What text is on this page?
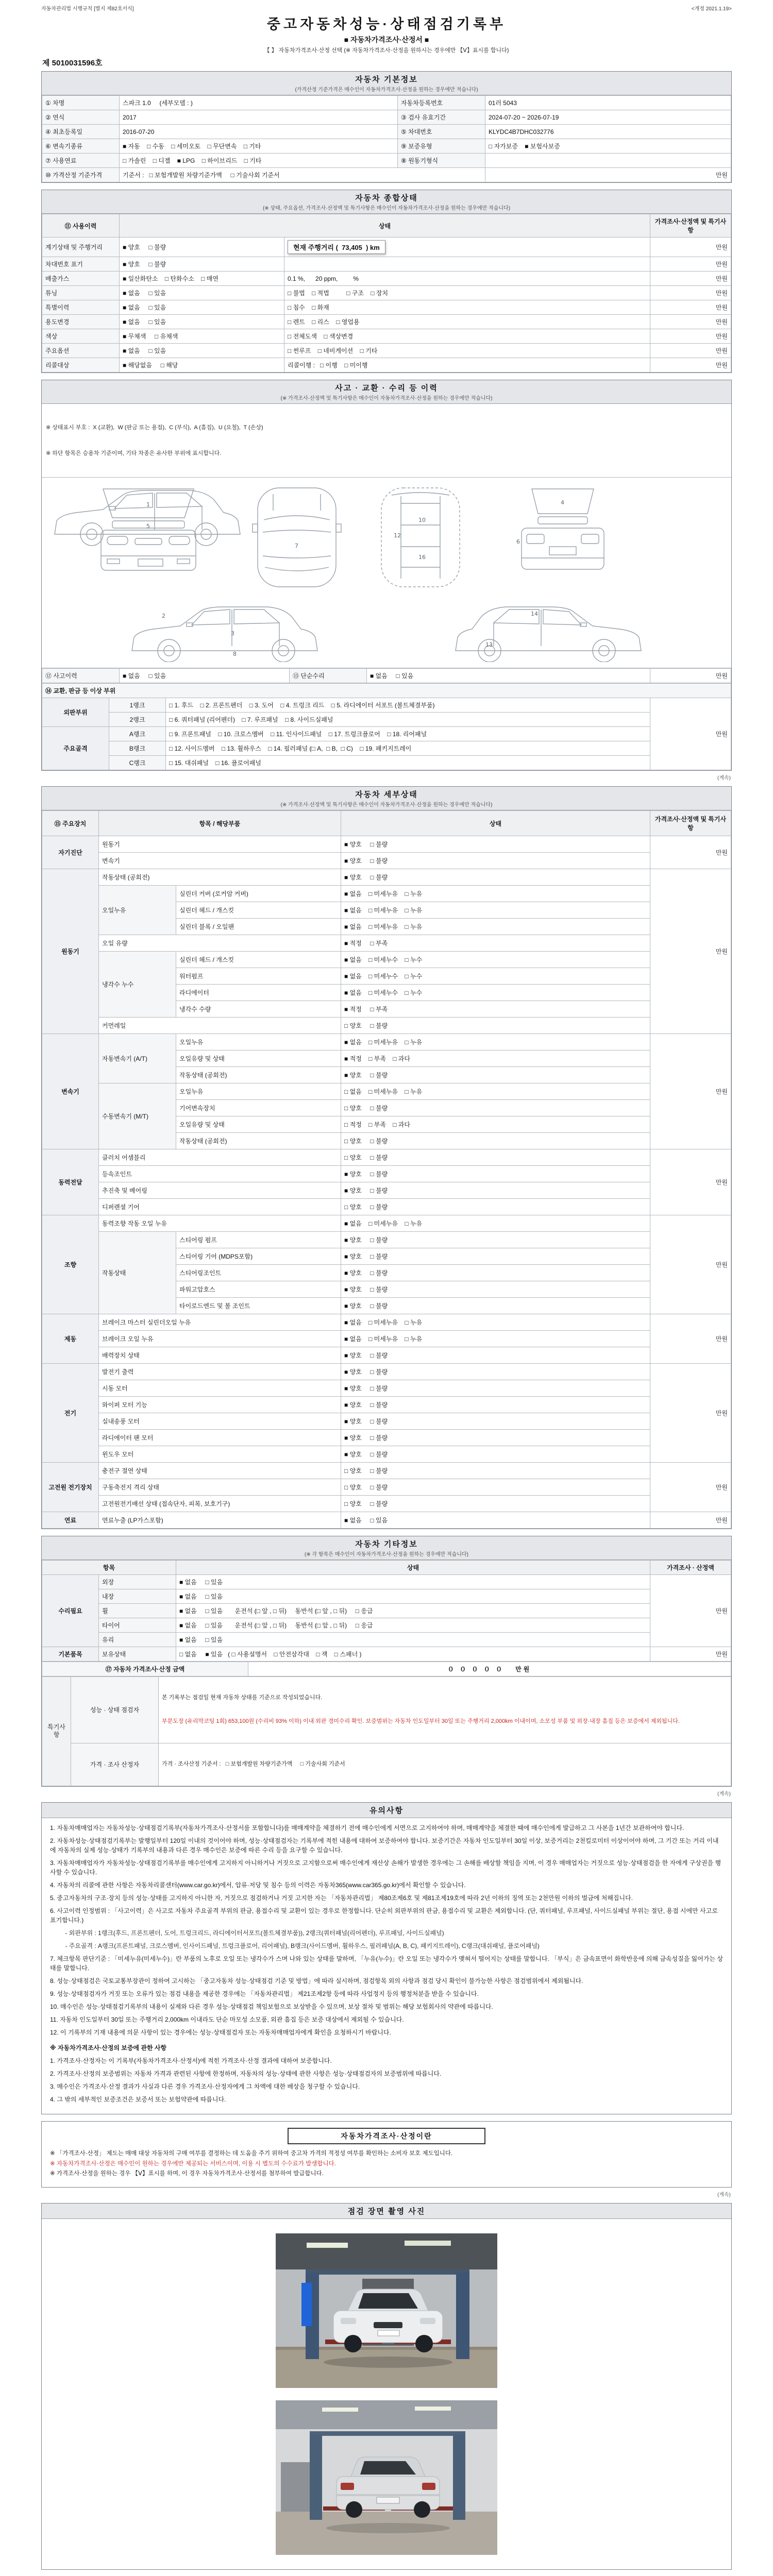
자동차관리법 시행규칙 [별지 제82호서식]	<개정 2021.1.19>
중고자동차성능·상태점검기록부
■ 자동차가격조사·산정서 ■
【 】 자동차가격조사·산정 선택 (※ 자동차가격조사·산정을 원하시는 경우에만 【Ⅴ】표시를 합니다)
제 5010031596호
자동차 기본정보
(가격산정 기준가격은 매수인이 자동차가격조사·산정을 원하는 경우에만 적습니다)
① 차명	스파크 1.0     (세부모델 : )	자동차등록번호	01러 5043
② 연식	2017	③ 검사 유효기간	2024-07-20 ~ 2026-07-19
④ 최초등록일	2016-07-20	⑤ 차대번호	KLYDC4B7DHC032776
⑥ 변속기종류	■ 자동    □ 수동    □ 세미오토    □ 무단변속    □ 기타	⑨ 보증유형	□ 자가보증    ■ 보험사보증
⑦ 사용연료	□ 가솔린    □ 디젤    ■ LPG    □ 하이브리드    □ 기타	⑧ 원동기형식	
⑩ 가격산정 기준가격	기준서 :   □ 보험개발원 차량기준가액     □ 기술사회 기준서		만원
자동차 종합상태
(※ 상태, 주요옵션, 가격조사·산정액 및 특기사항은 매수인이 자동차가격조사·산정을 원하는 경우에만 적습니다)
⑪ 사용이력	상태		가격조사·산정액 및 특기사항
계기상태 및 주행거리	■ 양호     □ 불량	현재 주행거리 (  73,405  ) km	만원
차대번호 표기	■ 양호     □ 불량		만원
배출가스	■ 일산화탄소    □ 탄화수소    □ 매연	0.1 %,      20 ppm,         %	만원
튜닝	■ 없음     □ 있음	□ 불법    □ 적법          □ 구조    □ 장치	만원
특별이력	■ 없음     □ 있음	□ 침수    □ 화재	만원
용도변경	■ 없음     □ 있음	□ 렌트    □ 리스    □ 영업용	만원
색상	■ 무채색     □ 유채색	□ 전체도색    □ 색상변경	만원
주요옵션	■ 없음     □ 있음	□ 썬루프    □ 네비게이션    □ 기타	만원
리콜대상	■ 해당없음     □ 해당	리콜이행 :   □ 이행    □ 미이행	만원
사고 · 교환 · 수리 등 이력
(※ 가격조사·산정액 및 특기사항은 매수인이 자동차가격조사·산정을 원하는 경우에만 적습니다)

※ 상태표시 부호 :  X (교환),  W (판금 또는 용접),  C (부식),  A (흠집),  U (요철),  T (손상)

※ 하단 항목은 승용차 기준이며, 기타 차종은 유사한 부위에 표시합니다.

1
5
7
10
12
16
4
6
2
3
8
13
14
⑫ 사고이력	■ 없음     □ 있음	⑬ 단순수리	■ 없음     □ 있음	만원
⑭ 교환, 판금 등 이상 부위			
외판부위	1랭크	□ 1. 후드    □ 2. 프론트펜더    □ 3. 도어    □ 4. 트렁크 리드    □ 5. 라디에이터 서포트 (볼트체결부품)	만원
	2랭크	□ 6. 쿼터패널 (리어펜더)    □ 7. 루프패널    □ 8. 사이드실패널	
주요골격	A랭크	□ 9. 프론트패널    □ 10. 크로스멤버    □ 11. 인사이드패널    □ 17. 트렁크플로어    □ 18. 리어패널	
	B랭크	□ 12. 사이드멤버    □ 13. 휠하우스    □ 14. 필러패널 (□ A,  □ B,  □ C)    □ 19. 패키지트레이	
	C랭크	□ 15. 대쉬패널    □ 16. 플로어패널	
(계속)
자동차 세부상태
(※ 가격조사·산정액 및 특기사항은 매수인이 자동차가격조사·산정을 원하는 경우에만 적습니다)
⑮ 주요장치	항목 / 해당부품		상태	가격조사·산정액 및 특기사항
자기진단	원동기		■ 양호     □ 불량	만원
	변속기		■ 양호     □ 불량	
원동기	작동상태 (공회전)		■ 양호     □ 불량	만원
	오일누유	실린더 커버 (로커암 커버)	■ 없음    □ 미세누유    □ 누유	
		실린더 헤드 / 개스킷	■ 없음    □ 미세누유    □ 누유	
		실린더 블록 / 오일팬	■ 없음    □ 미세누유    □ 누유	
	오일 유량		■ 적정     □ 부족	
	냉각수 누수	실린더 헤드 / 개스킷	■ 없음    □ 미세누수    □ 누수	
		워터펌프	■ 없음    □ 미세누수    □ 누수	
		라디에이터	■ 없음    □ 미세누수    □ 누수	
		냉각수 수량	■ 적정     □ 부족	
	커먼레일		□ 양호     □ 불량	
변속기	자동변속기 (A/T)	오일누유	■ 없음    □ 미세누유    □ 누유	만원
		오일유량 및 상태	■ 적정    □ 부족    □ 과다	
		작동상태 (공회전)	■ 양호     □ 불량	
	수동변속기 (M/T)	오일누유	□ 없음    □ 미세누유    □ 누유	
		기어변속장치	□ 양호     □ 불량	
		오일유량 및 상태	□ 적정    □ 부족    □ 과다	
		작동상태 (공회전)	□ 양호     □ 불량	
동력전달	클러치 어셈블리		□ 양호     □ 불량	만원
	등속조인트		■ 양호     □ 불량	
	추진축 및 베어링		■ 양호     □ 불량	
	디퍼렌셜 기어		□ 양호     □ 불량	
조향	동력조향 작동 오일 누유		■ 없음    □ 미세누유    □ 누유	만원
	작동상태	스티어링 펌프	■ 양호     □ 불량	
		스티어링 기어 (MDPS포함)	■ 양호     □ 불량	
		스티어링조인트	■ 양호     □ 불량	
		파워고압호스	■ 양호     □ 불량	
		타이로드엔드 및 볼 조인트	■ 양호     □ 불량	
제동	브레이크 마스터 실린더오일 누유		■ 없음    □ 미세누유    □ 누유	만원
	브레이크 오일 누유		■ 없음    □ 미세누유    □ 누유	
	배력장치 상태		■ 양호     □ 불량	
전기	발전기 출력		■ 양호     □ 불량	만원
	시동 모터		■ 양호     □ 불량	
	와이퍼 모터 기능		■ 양호     □ 불량	
	실내송풍 모터		■ 양호     □ 불량	
	라디에이터 팬 모터		■ 양호     □ 불량	
	윈도우 모터		■ 양호     □ 불량	
고전원 전기장치	충전구 절연 상태		□ 양호     □ 불량	만원
	구동축전지 격리 상태		□ 양호     □ 불량	
	고전원전기배선 상태 (접속단자, 피복, 보호기구)		□ 양호     □ 불량	
연료	연료누출 (LP가스포함)		■ 없음     □ 있음	만원
자동차 기타정보
(※ 각 항목은 매수인이 자동차가격조사·산정을 원하는 경우에만 적습니다)
항목		상태	가격조사 · 산정액
수리필요	외장	■ 없음     □ 있음	만원
	내장	■ 없음     □ 있음	
	휠	■ 없음     □ 있음       운전석 (□ 앞 , □ 뒤)     동반석 (□ 앞 , □ 뒤)     □ 응급	
	타이어	■ 없음     □ 있음       운전석 (□ 앞 , □ 뒤)     동반석 (□ 앞 , □ 뒤)     □ 응급	
	유리	■ 없음     □ 있음	
기본품목	보유상태	□ 없음     ■ 있음   ( □ 사용설명서    □ 안전삼각대    □ 잭    □ 스패너 )	만원
⑰ 자동차 가격조사·산정 금액	０ ０ ０ ０ ０   만원
특기사항	성능 · 상태 점검자	본 기록부는 점검일 현재 자동차 상태를 기준으로 작성되었습니다.

부분도장 (유리막코팅 1회) 653,100원 (수리비 93% 이하) 이내 외판 경미수리 확인. 보증범위는 자동차 인도일부터 30일 또는 주행거리 2,000km 이내이며, 소모성 부품 및 외장·내장 흠집 등은 보증에서 제외됩니다.

	가격 · 조사 산정자	가격 · 조사산정 기준서 :   □ 보험개발원 차량기준가액     □ 기술사회 기준서

(계속)
유의사항

1. 자동차매매업자는 자동차성능·상태점검기록부(자동차가격조사·산정서를 포함합니다)를 매매계약을 체결하기 전에 매수인에게 서면으로 고지하여야 하며, 매매계약을 체결한 때에 매수인에게 발급하고 그 사본을 1년간 보관하여야 합니다.

2. 자동차성능·상태점검기록부는 발행일부터 120일 이내의 것이어야 하며, 성능·상태점검자는 기록부에 적힌 내용에 대하여 보증하여야 합니다. 보증기간은 자동차 인도일부터 30일 이상, 보증거리는 2천킬로미터 이상이어야 하며, 그 기간 또는 거리 이내에 자동차의 실제 성능·상태가 기록부의 내용과 다른 경우 매수인은 보증에 따른 수리 등을 요구할 수 있습니다.

3. 자동차매매업자가 자동차성능·상태점검기록부를 매수인에게 고지하지 아니하거나 거짓으로 고지함으로써 매수인에게 재산상 손해가 발생한 경우에는 그 손해를 배상할 책임을 지며, 이 경우 매매업자는 거짓으로 성능·상태점검을 한 자에게 구상권을 행사할 수 있습니다.

4. 자동차의 리콜에 관한 사항은 자동차리콜센터(www.car.go.kr)에서, 압류·저당 및 침수 등의 이력은 자동차365(www.car365.go.kr)에서 확인할 수 있습니다.

5. 중고자동차의 구조·장치 등의 성능·상태를 고지하지 아니한 자, 거짓으로 점검하거나 거짓 고지한 자는 「자동차관리법」 제80조제6호 및 제81조제19호에 따라 2년 이하의 징역 또는 2천만원 이하의 벌금에 처해집니다.

6. 사고이력 인정범위 : 「사고이력」은 사고로 자동차 주요골격 부위의 판금, 용접수리 및 교환이 있는 경우로 한정합니다. 단순히 외판부위의 판금, 용접수리 및 교환은 제외합니다. (단, 쿼터패널, 루프패널, 사이드실패널 부위는 절단, 용접 시에만 사고로 표기합니다.)

- 외판부위 : 1랭크(후드, 프론트펜더, 도어, 트렁크리드, 라디에이터서포트(볼트체결부품)), 2랭크(쿼터패널(리어펜더), 루프패널, 사이드실패널)

- 주요골격 : A랭크(프론트패널, 크로스멤버, 인사이드패널, 트렁크플로어, 리어패널), B랭크(사이드멤버, 휠하우스, 필러패널(A, B, C), 패키지트레이), C랭크(대쉬패널, 플로어패널)

7. 체크항목 판단기준 : 「미세누유(미세누수)」란 부품의 노후로 오일 또는 냉각수가 스며 나와 있는 상태를 말하며, 「누유(누수)」란 오일 또는 냉각수가 맺혀서 떨어지는 상태를 말합니다. 「부식」은 금속표면이 화학반응에 의해 금속성질을 잃어가는 상태를 말합니다.

8. 성능·상태점검은 국토교통부장관이 정하여 고시하는 「중고자동차 성능·상태점검 기준 및 방법」에 따라 실시하며, 점검항목 외의 사항과 점검 당시 확인이 불가능한 사항은 점검범위에서 제외됩니다.

9. 성능·상태점검자가 거짓 또는 오류가 있는 점검 내용을 제공한 경우에는 「자동차관리법」 제21조제2항 등에 따라 사업정지 등의 행정처분을 받을 수 있습니다.

10. 매수인은 성능·상태점검기록부의 내용이 실제와 다른 경우 성능·상태점검 책임보험으로 보상받을 수 있으며, 보상 절차 및 범위는 해당 보험회사의 약관에 따릅니다.

11. 자동차 인도일부터 30일 또는 주행거리 2,000km 이내라도 단순 마모성 소모품, 외관 흠집 등은 보증 대상에서 제외될 수 있습니다.

12. 이 기록부의 기재 내용에 의문 사항이 있는 경우에는 성능·상태점검자 또는 자동차매매업자에게 확인을 요청하시기 바랍니다.

※ 자동차가격조사·산정의 보증에 관한 사항

1. 가격조사·산정자는 이 기록부(자동차가격조사·산정서)에 적힌 가격조사·산정 결과에 대하여 보증합니다.

2. 가격조사·산정의 보증범위는 자동차 가격과 관련된 사항에 한정하며, 자동차의 성능·상태에 관한 사항은 성능·상태점검자의 보증범위에 따릅니다.

3. 매수인은 가격조사·산정 결과가 사실과 다른 경우 가격조사·산정자에게 그 차액에 대한 배상을 청구할 수 있습니다.

4. 그 밖의 세부적인 보증조건은 보증서 또는 보험약관에 따릅니다.

자동차가격조사·산정이란
※ 「가격조사·산정」 제도는 매매 대상 자동차의 구매 여부를 결정하는 데 도움을 주기 위하여 중고차 가격의 적정성 여부를 확인하는 소비자 보호 제도입니다.
※ 자동차가격조사·산정은 매수인이 원하는 경우에만 제공되는 서비스이며, 이용 시 별도의 수수료가 발생합니다.
※ 가격조사·산정을 원하는 경우 【Ⅴ】표시를 하며, 이 경우 자동차가격조사·산정서를 첨부하여 발급합니다.
(계속)
점검 장면 촬영 사진
